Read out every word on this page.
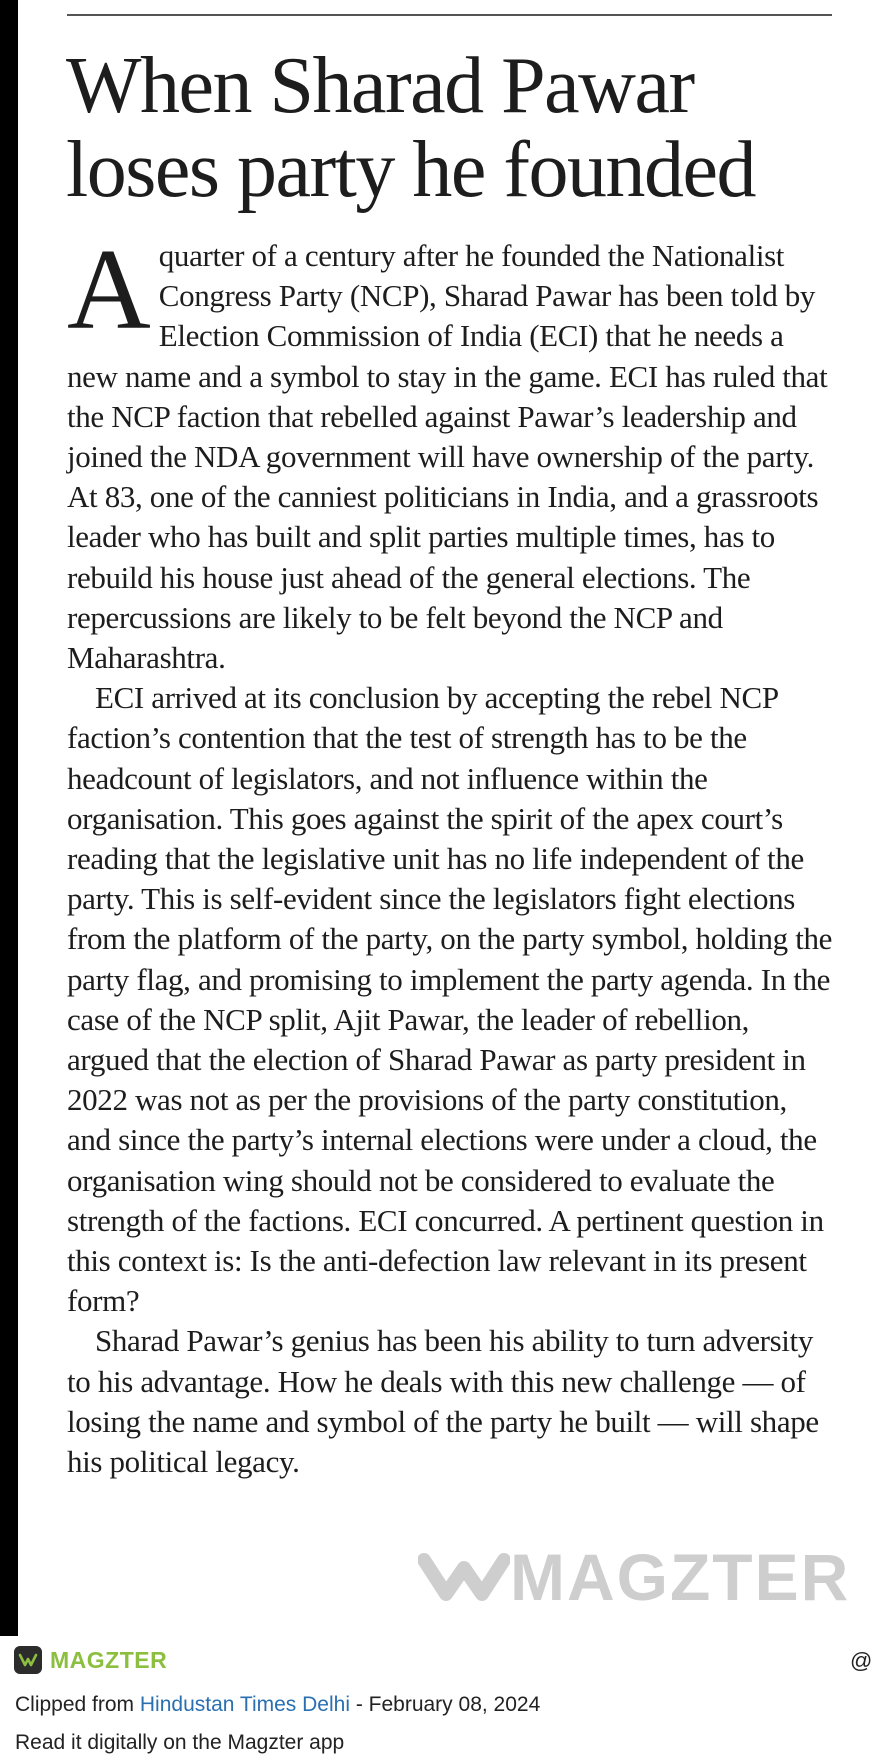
When Sharad Pawar loses party he founded

A quarter of a century after he founded the Nationalist Congress Party (NCP), Sharad Pawar has been told by Election Commission of India (ECI) that he needs a new name and a symbol to stay in the game. ECI has ruled that the NCP faction that rebelled against Pawar’s leadership and joined the NDA government will have ownership of the party. At 83, one of the canniest politicians in India, and a grassroots leader who has built and split parties multiple times, has to rebuild his house just ahead of the general elections. The repercussions are likely to be felt beyond the NCP and Maharashtra.

ECI arrived at its conclusion by accepting the rebel NCP faction’s contention that the test of strength has to be the headcount of legislators, and not influence within the organisation. This goes against the spirit of the apex court’s reading that the legislative unit has no life independent of the party. This is self-evident since the legislators fight elections from the platform of the party, on the party symbol, holding the party flag, and promising to implement the party agenda. In the case of the NCP split, Ajit Pawar, the leader of rebellion, argued that the election of Sharad Pawar as party president in 2022 was not as per the provisions of the party constitution, and since the party’s internal elections were under a cloud, the organisation wing should not be considered to evaluate the strength of the factions. ECI concurred. A pertinent question in this context is: Is the anti-defection law relevant in its present form?

Sharad Pawar’s genius has been his ability to turn adversity to his advantage. How he deals with this new challenge — of losing the name and symbol of the party he built — will shape his political legacy.

MAGZTER
MAGZTER	@
Clipped from Hindustan Times Delhi - February 08, 2024
Read it digitally on the Magzter app
